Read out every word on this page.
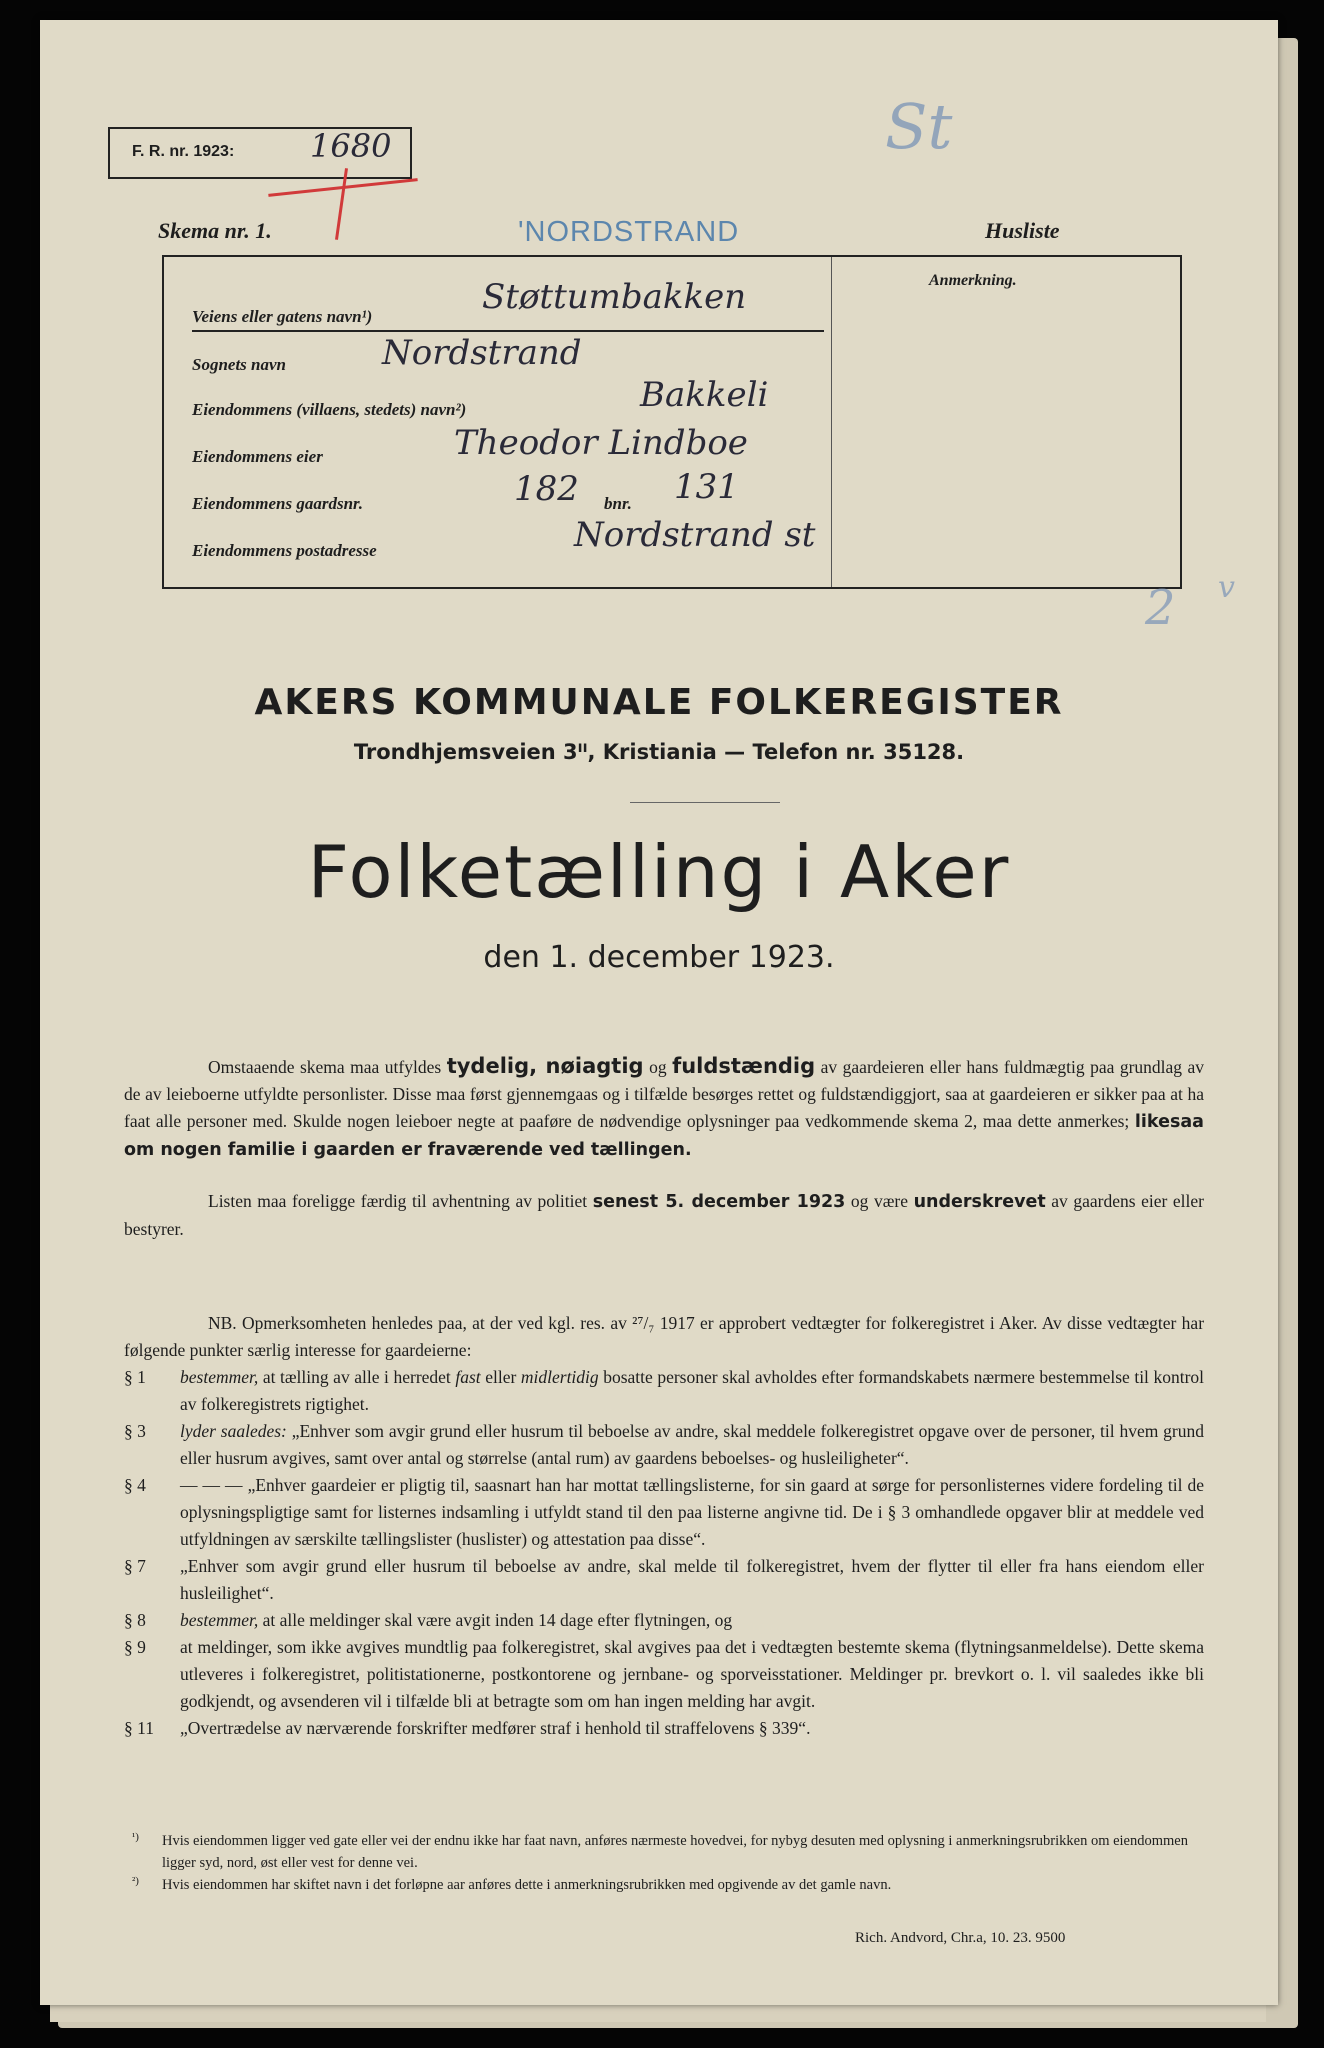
F. R. nr. 1923: 1680	St
Skema nr. 1.	'NORDSTRAND	Husliste
Anmerkning.
Veiens eller gatens navn¹)	Støttumbakken
Sognets navn	Nordstrand
Eiendommens (villaens, stedets) navn²)	Bakkeli
Eiendommens eier	Theodor Lindboe
Eiendommens gaardsnr.	182 bnr. 131
Eiendommens postadresse	Nordstrand st
2 v
AKERS KOMMUNALE FOLKEREGISTER
Trondhjemsveien 3ᴵᴵ, Kristiania — Telefon nr. 35128.
Folketælling i Aker
den 1. december 1923.
Omstaaende skema maa utfyldes tydelig, nøiagtig og fuldstændig av gaardeieren eller hans fuldmægtig paa grundlag av de av leieboerne utfyldte personlister. Disse maa først gjennemgaas og i tilfælde besørges rettet og fuldstændiggjort, saa at gaardeieren er sikker paa at ha faat alle personer med. Skulde nogen leieboer negte at paaføre de nødvendige oplysninger paa vedkommende skema 2, maa dette anmerkes; likesaa om nogen familie i gaarden er fraværende ved tællingen.
Listen maa foreligge færdig til avhentning av politiet senest 5. december 1923 og være underskrevet av gaardens eier eller bestyrer.
NB. Opmerksomheten henledes paa, at der ved kgl. res. av ²⁷/₇ 1917 er approbert vedtægter for folkeregistret i Aker. Av disse vedtægter har følgende punkter særlig interesse for gaardeierne:
§ 1	bestemmer, at tælling av alle i herredet fast eller midlertidig bosatte personer skal avholdes efter formandskabets nærmere bestemmelse til kontrol av folkeregistrets rigtighet.
§ 3	lyder saaledes: „Enhver som avgir grund eller husrum til beboelse av andre, skal meddele folkeregistret opgave over de personer, til hvem grund eller husrum avgives, samt over antal og størrelse (antal rum) av gaardens beboelses- og husleiligheter“.
§ 4	— — — „Enhver gaardeier er pligtig til, saasnart han har mottat tællingslisterne, for sin gaard at sørge for personlisternes videre fordeling til de oplysningspligtige samt for listernes indsamling i utfyldt stand til den paa listerne angivne tid. De i § 3 omhandlede opgaver blir at meddele ved utfyldningen av særskilte tællingslister (huslister) og attestation paa disse“.
§ 7	„Enhver som avgir grund eller husrum til beboelse av andre, skal melde til folkeregistret, hvem der flytter til eller fra hans eiendom eller husleilighet“.
§ 8	bestemmer, at alle meldinger skal være avgit inden 14 dage efter flytningen, og
§ 9	at meldinger, som ikke avgives mundtlig paa folkeregistret, skal avgives paa det i vedtægten bestemte skema (flytningsanmeldelse). Dette skema utleveres i folkeregistret, politistationerne, postkontorene og jernbane- og sporveisstationer. Meldinger pr. brevkort o. l. vil saaledes ikke bli godkjendt, og avsenderen vil i tilfælde bli at betragte som om han ingen melding har avgit.
§ 11	„Overtrædelse av nærværende forskrifter medfører straf i henhold til straffelovens § 339“.
¹) Hvis eiendommen ligger ved gate eller vei der endnu ikke har faat navn, anføres nærmeste hovedvei, for nybyg desuten med oplysning i anmerkningsrubrikken om eiendommen ligger syd, nord, øst eller vest for denne vei.
²) Hvis eiendommen har skiftet navn i det forløpne aar anføres dette i anmerkningsrubrikken med opgivende av det gamle navn.
Rich. Andvord, Chr.a, 10. 23. 9500
